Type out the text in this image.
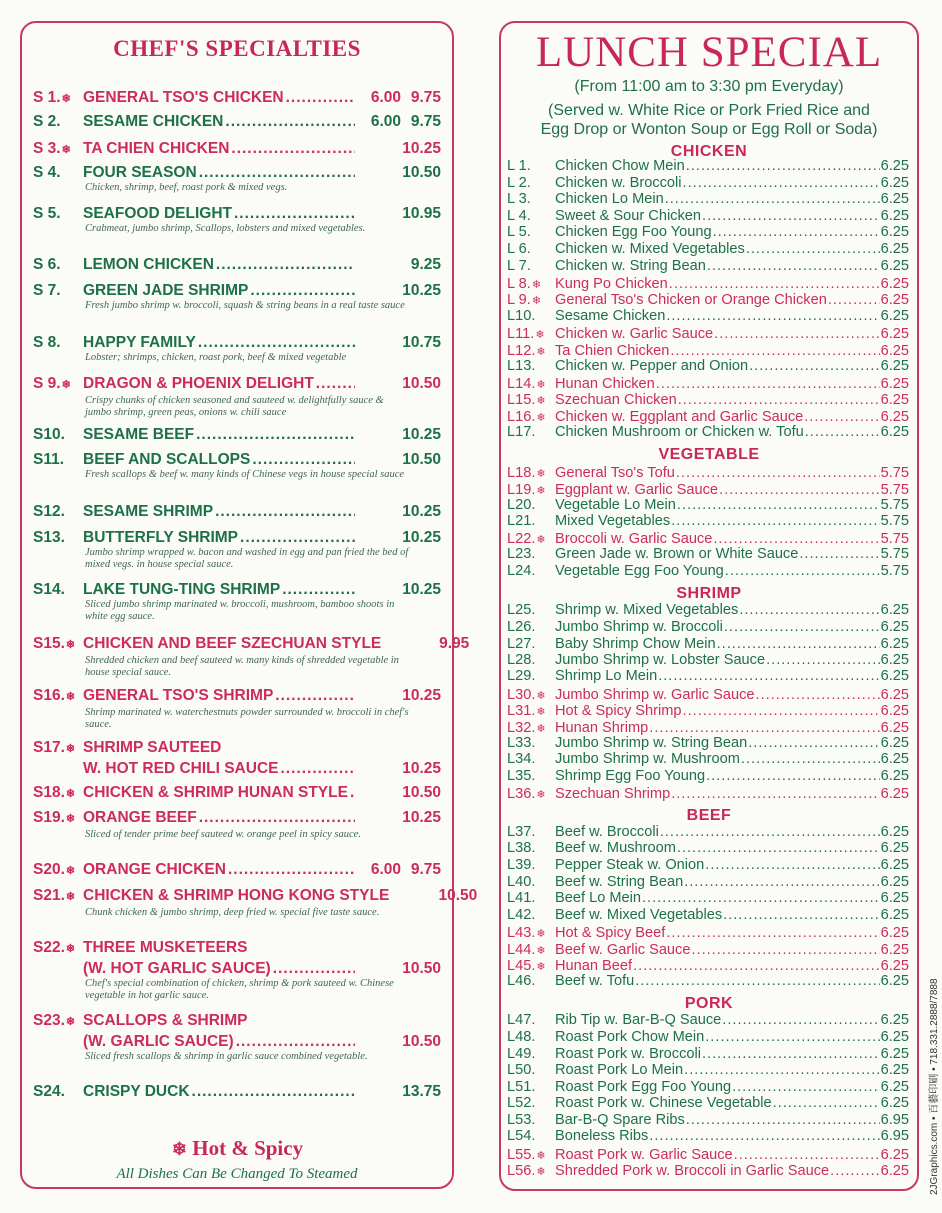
CHEF'S SPECIALTIES
S 1.❄︎ GENERAL TSO'S CHICKEN .....	6.00 9.75
S 2.	SESAME CHICKEN .....	6.00 9.75
S 3.❄︎ TA CHIEN CHICKEN .....	10.25
S 4.	FOUR SEASON .....	10.50
Chicken, shrimp, beef, roast pork & mixed vegs.
S 5.	SEAFOOD DELIGHT .....	10.95
Crabmeat, jumbo shrimp, Scallops, lobsters and mixed vegetables.
S 6.	LEMON CHICKEN .....	9.25
S 7.	GREEN JADE SHRIMP .....	10.25
Fresh jumbo shrimp w. broccoli, squash & string beans in a real taste sauce
S 8.	HAPPY FAMILY .....	10.75
Lobster; shrimps, chicken, roast pork, beef & mixed vegetable
S 9.❄︎ DRAGON & PHOENIX DELIGHT .....	10.50
Crispy chunks of chicken seasoned and sauteed w. delightfully sauce & jumbo shrimp, green peas, onions w. chili sauce
S10.	SESAME BEEF .....	10.25
S11.	BEEF AND SCALLOPS .....	10.50
Fresh scallops & beef w. many kinds of Chinese vegs in house special sauce
S12.	SESAME SHRIMP .....	10.25
S13.	BUTTERFLY SHRIMP .....	10.25
Jumbo shrimp wrapped w. bacon and washed in egg and pan fried the bed of mixed vegs. in house special sauce.
S14.	LAKE TUNG-TING SHRIMP .....	10.25
Sliced jumbo shrimp marinated w. broccoli, mushroom, bamboo shoots in white egg sauce.
S15.❄︎ CHICKEN AND BEEF SZECHUAN STYLE	9.95
Shredded chicken and beef sauteed w. many kinds of shredded vegetable in house special sauce.
S16.❄︎ GENERAL TSO'S SHRIMP .....	10.25
Shrimp marinated w. waterchestnuts powder surrounded w. broccoli in chef's sauce.
S17.❄︎ SHRIMP SAUTEED
W. HOT RED CHILI SAUCE .....	10.25
S18.❄︎ CHICKEN & SHRIMP HUNAN STYLE .....	10.50
S19.❄︎ ORANGE BEEF .....	10.25
Sliced of tender prime beef sauteed w. orange peel in spicy sauce.
S20.❄︎ ORANGE CHICKEN .....	6.00 9.75
S21.❄︎ CHICKEN & SHRIMP HONG KONG STYLE	10.50
Chunk chicken & jumbo shrimp, deep fried w. special five taste sauce.
S22.❄︎ THREE MUSKETEERS
(W. HOT GARLIC SAUCE) .....	10.50
Chef's special combination of chicken, shrimp & pork sauteed w. Chinese vegetable in hot garlic sauce.
S23.❄︎ SCALLOPS & SHRIMP
(W. GARLIC SAUCE) .....	10.50
Sliced fresh scallops & shrimp in garlic sauce combined vegetable.
S24.	CRISPY DUCK .....	13.75
❄︎ Hot & Spicy
All Dishes Can Be Changed To Steamed
LUNCH SPECIAL
(From 11:00 am to 3:30 pm Everyday)
(Served w. White Rice or Pork Fried Rice and
Egg Drop or Wonton Soup or Egg Roll or Soda)
CHICKEN
VEGETABLE
SHRIMP
BEEF
PORK
L 1.	Chicken Chow Mein .....	6.25
L 2.	Chicken w. Broccoli .....	6.25
L 3.	Chicken Lo Mein .....	6.25
L 4.	Sweet & Sour Chicken .....	6.25
L 5.	Chicken Egg Foo Young .....	6.25
L 6.	Chicken w. Mixed Vegetables .....	6.25
L 7.	Chicken w. String Bean .....	6.25
L 8.❄︎ Kung Po Chicken .....	6.25
L 9.❄︎ General Tso's Chicken or Orange Chicken .....	6.25
L10.	Sesame Chicken .....	6.25
L11.❄︎ Chicken w. Garlic Sauce .....	6.25
L12.❄︎ Ta Chien Chicken .....	6.25
L13.	Chicken w. Pepper and Onion .....	6.25
L14.❄︎ Hunan Chicken .....	6.25
L15.❄︎ Szechuan Chicken .....	6.25
L16.❄︎ Chicken w. Eggplant and Garlic Sauce .....	6.25
L17.	Chicken Mushroom or Chicken w. Tofu .....	6.25
L18.❄︎ General Tso's Tofu .....	5.75
L19.❄︎ Eggplant w. Garlic Sauce .....	5.75
L20.	Vegetable Lo Mein .....	5.75
L21.	Mixed Vegetables .....	5.75
L22.❄︎ Broccoli w. Garlic Sauce .....	5.75
L23.	Green Jade w. Brown or White Sauce .....	5.75
L24.	Vegetable Egg Foo Young .....	5.75
L25.	Shrimp w. Mixed Vegetables .....	6.25
L26.	Jumbo Shrimp w. Broccoli .....	6.25
L27.	Baby Shrimp Chow Mein .....	6.25
L28.	Jumbo Shrimp w. Lobster Sauce .....	6.25
L29.	Shrimp Lo Mein .....	6.25
L30.❄︎ Jumbo Shrimp w. Garlic Sauce .....	6.25
L31.❄︎ Hot & Spicy Shrimp .....	6.25
L32.❄︎ Hunan Shrimp .....	6.25
L33.	Jumbo Shrimp w. String Bean .....	6.25
L34.	Jumbo Shrimp w. Mushroom .....	6.25
L35.	Shrimp Egg Foo Young .....	6.25
L36.❄︎ Szechuan Shrimp .....	6.25
L37.	Beef w. Broccoli .....	6.25
L38.	Beef w. Mushroom .....	6.25
L39.	Pepper Steak w. Onion .....	6.25
L40.	Beef w. String Bean .....	6.25
L41.	Beef Lo Mein .....	6.25
L42.	Beef w. Mixed Vegetables .....	6.25
L43.❄︎ Hot & Spicy Beef .....	6.25
L44.❄︎ Beef w. Garlic Sauce .....	6.25
L45.❄︎ Hunan Beef .....	6.25
L46.	Beef w. Tofu .....	6.25
L47.	Rib Tip w. Bar-B-Q Sauce .....	6.25
L48.	Roast Pork Chow Mein .....	6.25
L49.	Roast Pork w. Broccoli .....	6.25
L50.	Roast Pork Lo Mein .....	6.25
L51.	Roast Pork Egg Foo Young .....	6.25
L52.	Roast Pork w. Chinese Vegetable .....	6.25
L53.	Bar-B-Q Spare Ribs .....	6.95
L54.	Boneless Ribs .....	6.95
L55.❄︎ Roast Pork w. Garlic Sauce .....	6.25
L56.❄︎ Shredded Pork w. Broccoli in Garlic Sauce .....	6.25	2JGraphics.com • 百藝印刷 • 718.331.2888/7888
